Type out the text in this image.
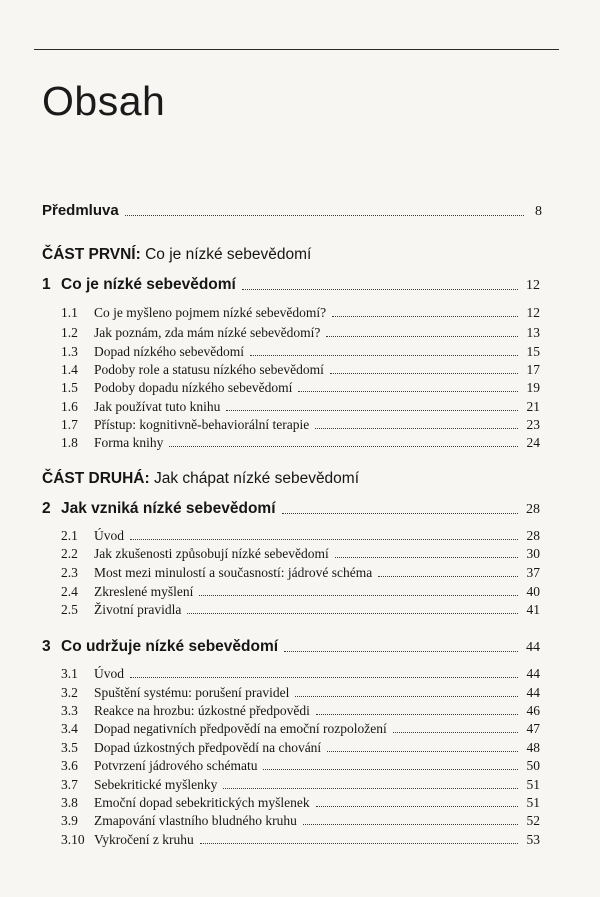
Obsah
Předmluva	8
ČÁST PRVNÍ: Co je nízké sebevědomí
1 Co je nízké sebevědomí	12
1.1	Co je myšleno pojmem nízké sebevědomí?	12
1.2	Jak poznám, zda mám nízké sebevědomí?	13
1.3	Dopad nízkého sebevědomí	15
1.4	Podoby role a statusu nízkého sebevědomí	17
1.5	Podoby dopadu nízkého sebevědomí	19
1.6	Jak používat tuto knihu	21
1.7	Přístup: kognitivně-behaviorální terapie	23
1.8	Forma knihy	24
ČÁST DRUHÁ: Jak chápat nízké sebevědomí
2 Jak vzniká nízké sebevědomí	28
2.1	Úvod	28
2.2	Jak zkušenosti způsobují nízké sebevědomí	30
2.3	Most mezi minulostí a současností: jádrové schéma	37
2.4	Zkreslené myšlení	40
2.5	Životní pravidla	41
3 Co udržuje nízké sebevědomí	44
3.1	Úvod	44
3.2	Spuštění systému: porušení pravidel	44
3.3	Reakce na hrozbu: úzkostné předpovědi	46
3.4	Dopad negativních předpovědí na emoční rozpoložení	47
3.5	Dopad úzkostných předpovědí na chování	48
3.6	Potvrzení jádrového schématu	50
3.7	Sebekritické myšlenky	51
3.8	Emoční dopad sebekritických myšlenek	51
3.9	Zmapování vlastního bludného kruhu	52
3.10 Vykročení z kruhu	53
